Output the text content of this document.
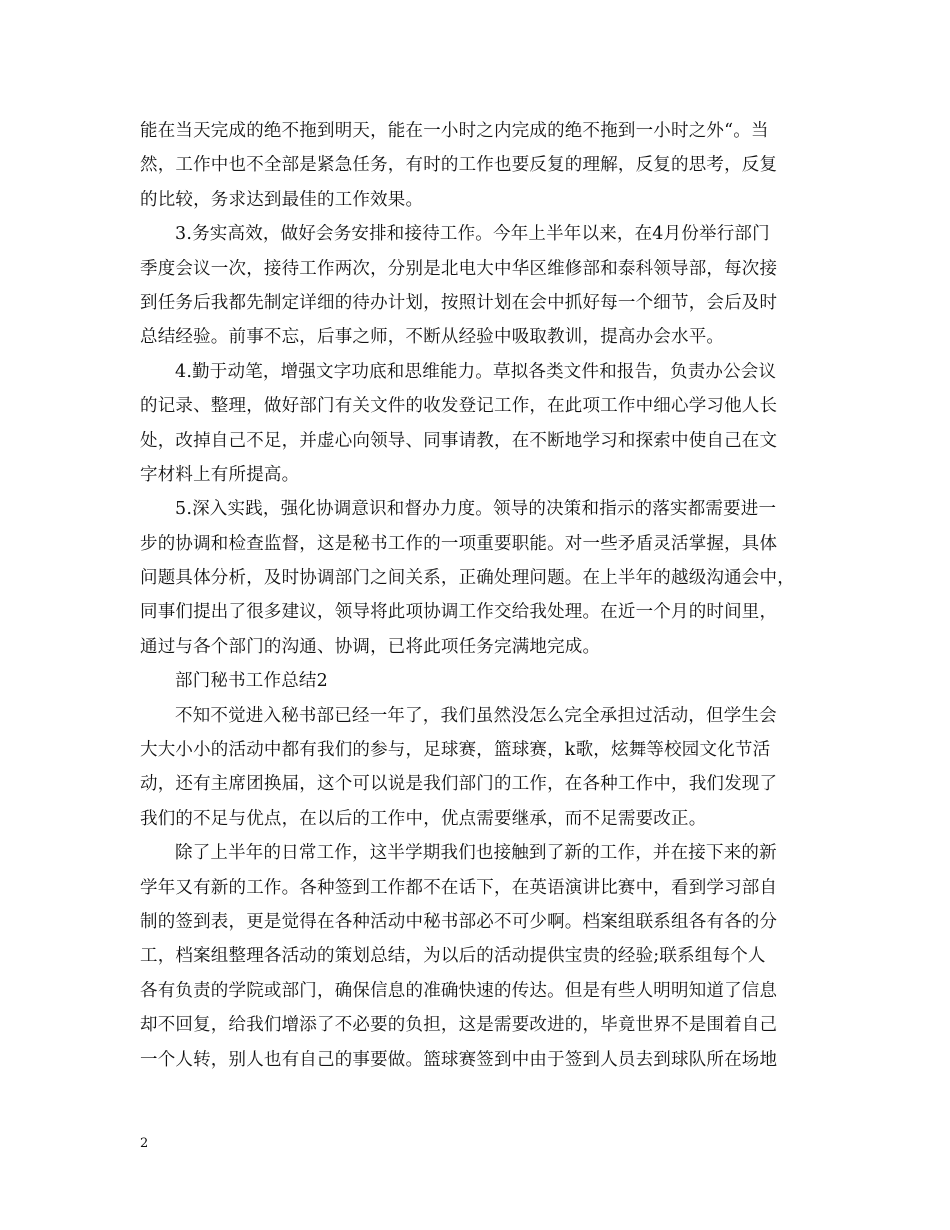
能在当天完成的绝不拖到明天，能在一小时之内完成的绝不拖到一小时之外“。当
然，工作中也不全部是紧急任务，有时的工作也要反复的理解，反复的思考，反复
的比较，务求达到最佳的工作效果。
3.务实高效，做好会务安排和接待工作。今年上半年以来，在4月份举行部门
季度会议一次，接待工作两次，分别是北电大中华区维修部和泰科领导部，每次接
到任务后我都先制定详细的待办计划，按照计划在会中抓好每一个细节，会后及时
总结经验。前事不忘，后事之师，不断从经验中吸取教训，提高办会水平。
4.勤于动笔，增强文字功底和思维能力。草拟各类文件和报告，负责办公会议
的记录、整理，做好部门有关文件的收发登记工作，在此项工作中细心学习他人长
处，改掉自己不足，并虚心向领导、同事请教，在不断地学习和探索中使自己在文
字材料上有所提高。
5.深入实践，强化协调意识和督办力度。领导的决策和指示的落实都需要进一
步的协调和检查监督，这是秘书工作的一项重要职能。对一些矛盾灵活掌握，具体
问题具体分析，及时协调部门之间关系，正确处理问题。在上半年的越级沟通会中，
同事们提出了很多建议，领导将此项协调工作交给我处理。在近一个月的时间里，
通过与各个部门的沟通、协调，已将此项任务完满地完成。
部门秘书工作总结2
不知不觉进入秘书部已经一年了，我们虽然没怎么完全承担过活动，但学生会
大大小小的活动中都有我们的参与，足球赛，篮球赛，k歌，炫舞等校园文化节活
动，还有主席团换届，这个可以说是我们部门的工作，在各种工作中，我们发现了
我们的不足与优点，在以后的工作中，优点需要继承，而不足需要改正。
除了上半年的日常工作，这半学期我们也接触到了新的工作，并在接下来的新
学年又有新的工作。各种签到工作都不在话下，在英语演讲比赛中，看到学习部自
制的签到表，更是觉得在各种活动中秘书部必不可少啊。档案组联系组各有各的分
工，档案组整理各活动的策划总结，为以后的活动提供宝贵的经验;联系组每个人
各有负责的学院或部门，确保信息的准确快速的传达。但是有些人明明知道了信息
却不回复，给我们增添了不必要的负担，这是需要改进的，毕竟世界不是围着自己
一个人转，别人也有自己的事要做。篮球赛签到中由于签到人员去到球队所在场地
2
